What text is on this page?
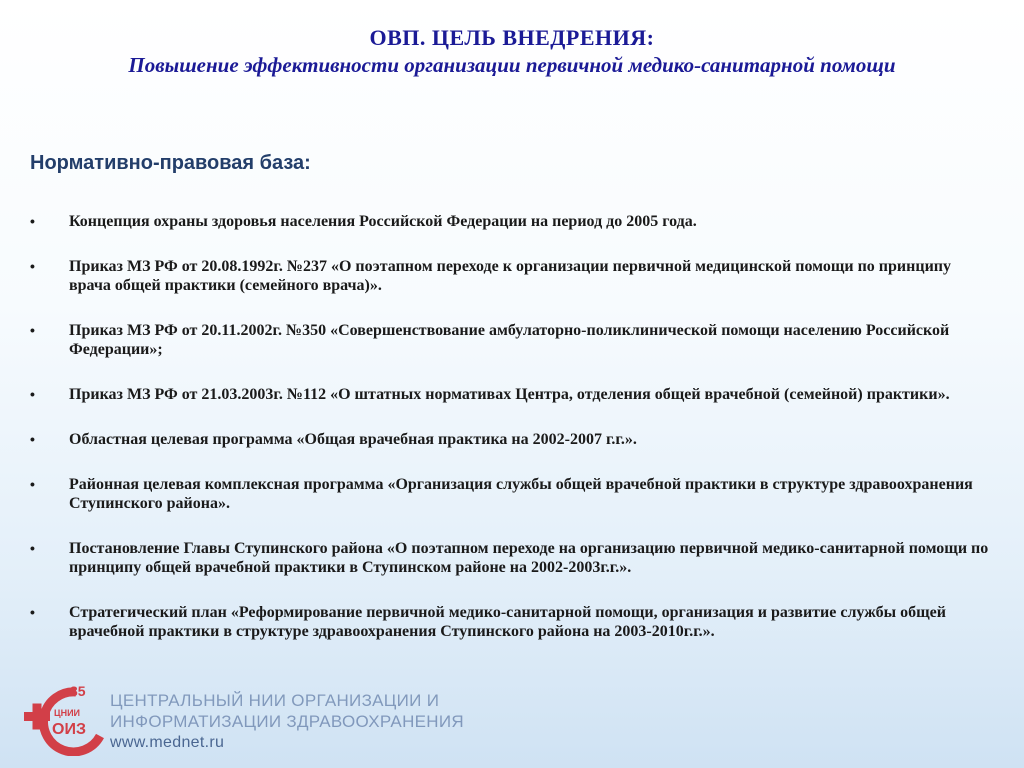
ОВП. ЦЕЛЬ ВНЕДРЕНИЯ:
Повышение эффективности организации первичной медико-санитарной помощи
Нормативно-правовая база:
• Концепция охраны здоровья населения Российской Федерации на период до 2005 года.
• Приказ МЗ РФ от 20.08.1992г. №237 «О поэтапном переходе к организации первичной медицинской помощи по принципу врача общей практики (семейного врача)».
• Приказ МЗ РФ от 20.11.2002г. №350 «Совершенствование амбулаторно-поликлинической помощи населению Российской Федерации»;
• Приказ МЗ РФ от 21.03.2003г. №112 «О штатных нормативах Центра, отделения общей врачебной (семейной) практики».
• Областная целевая программа «Общая врачебная практика на 2002-2007 г.г.».
• Районная целевая комплексная программа «Организация службы общей врачебной практики в структуре здравоохранения Ступинского района».
• Постановление Главы Ступинского района «О поэтапном переходе на организацию первичной медико-санитарной помощи по принципу общей врачебной практики в Ступинском районе на 2002-2003г.г.».
• Стратегический план «Реформирование первичной медико-санитарной помощи, организация и развитие службы общей врачебной практики в структуре здравоохранения Ступинского района на 2003-2010г.г.».
35
ЦНИИ
ОИЗ
ЦЕНТРАЛЬНЫЙ НИИ ОРГАНИЗАЦИИ И
ИНФОРМАТИЗАЦИИ ЗДРАВООХРАНЕНИЯ
www.mednet.ru
